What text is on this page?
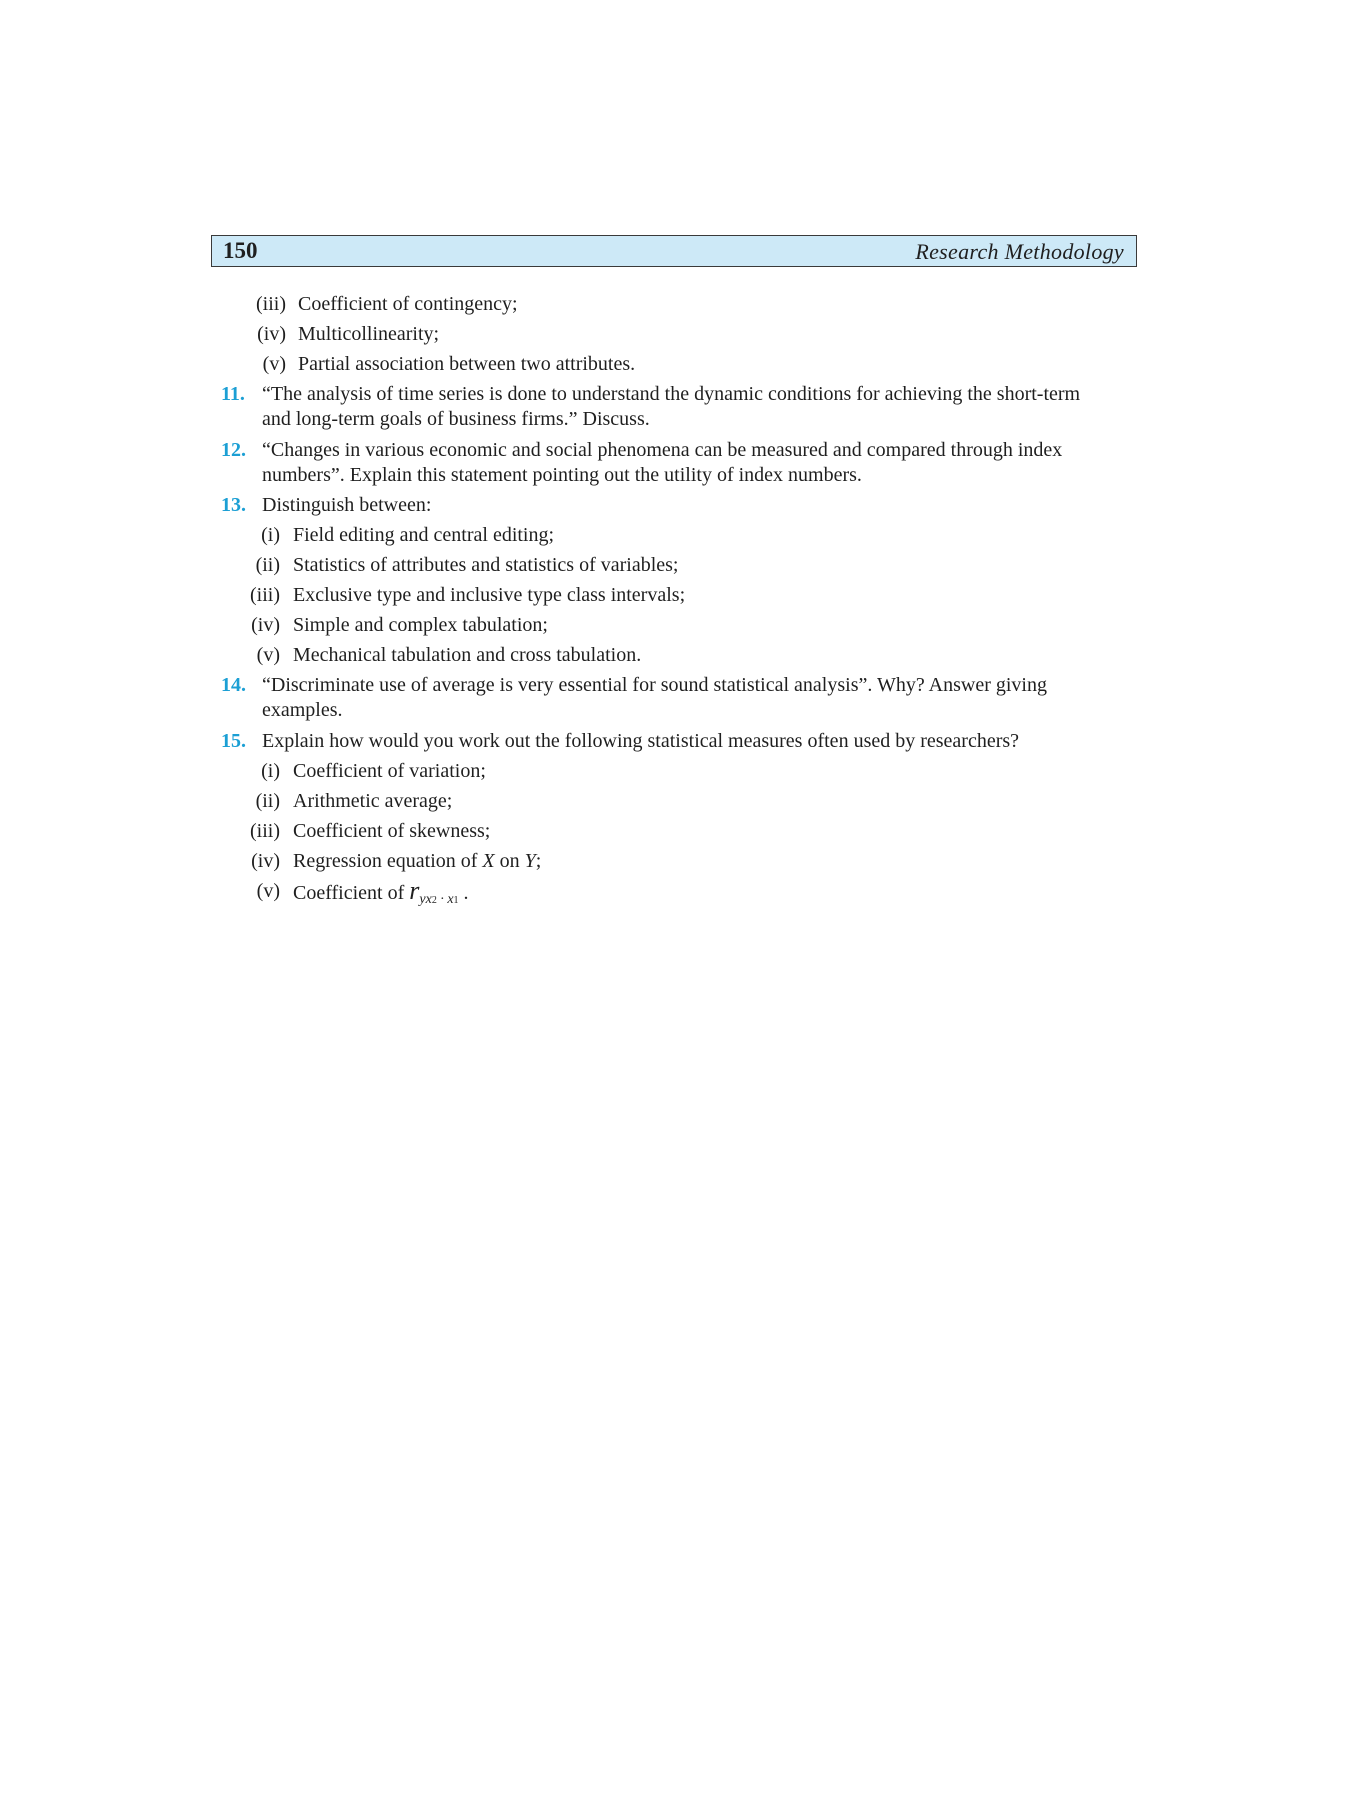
150	Research Methodology
(iii) Coefficient of contingency;
(iv) Multicollinearity;
(v) Partial association between two attributes.
11. “The analysis of time series is done to understand the dynamic conditions for achieving the short-term
and long-term goals of business firms.” Discuss.
12. “Changes in various economic and social phenomena can be measured and compared through index
numbers”. Explain this statement pointing out the utility of index numbers.
13. Distinguish between:
(i) Field editing and central editing;
(ii) Statistics of attributes and statistics of variables;
(iii) Exclusive type and inclusive type class intervals;
(iv) Simple and complex tabulation;
(v) Mechanical tabulation and cross tabulation.
14. “Discriminate use of average is very essential for sound statistical analysis”. Why? Answer giving
examples.
15. Explain how would you work out the following statistical measures often used by researchers?
(i) Coefficient of variation;
(ii) Arithmetic average;
(iii) Coefficient of skewness;
(iv) Regression equation of X on Y;
(v) Coefficient of $r_{yx2 \cdot x1}$ .
